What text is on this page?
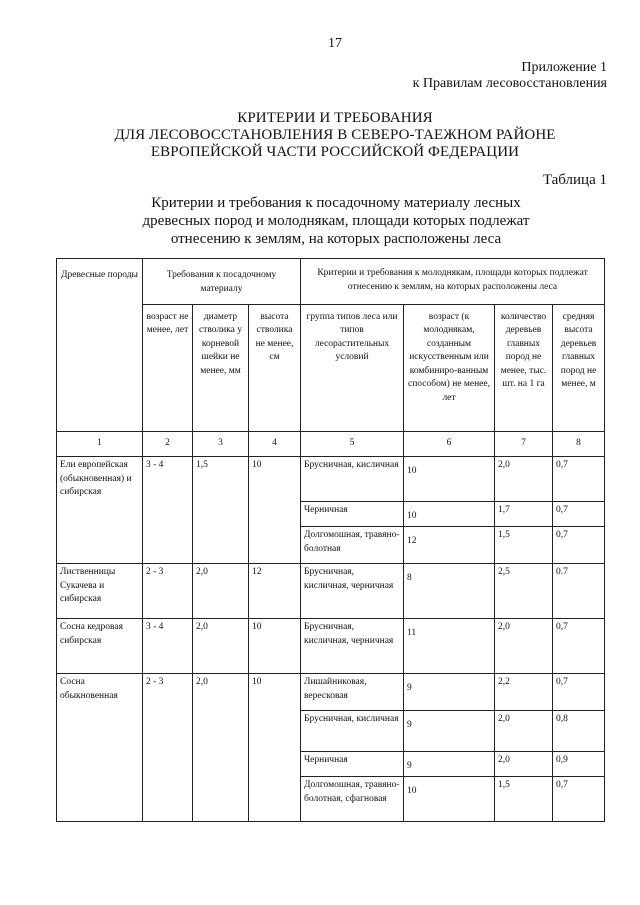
17
Приложение 1
к Правилам лесовосстановления
КРИТЕРИИ И ТРЕБОВАНИЯ
ДЛЯ ЛЕСОВОССТАНОВЛЕНИЯ В СЕВЕРО-ТАЕЖНОМ РАЙОНЕ
ЕВРОПЕЙСКОЙ ЧАСТИ РОССИЙСКОЙ ФЕДЕРАЦИИ
Таблица 1
Критерии и требования к посадочному материалу лесных
древесных пород и молоднякам, площади которых подлежат
отнесению к землям, на которых расположены леса
Древесные породы	Требования к посадочному материалу			Критерии и требования к молоднякам, площади которых подлежат отнесению к землям, на которых расположены леса			
	возраст не менее, лет	диаметр стволика у корневой шейки не менее, мм	высота стволика не менее, см	группа типов леса или типов лесорастительных условий	возраст (к молоднякам, созданным искусственным или комбиниро-ванным способом) не менее, лет	количество деревьев главных пород не менее, тыс. шт. на 1 га	средняя высота деревьев главных пород не менее, м
1	2	3	4	5	6	7	8
Ели европейская (обыкновенная) и сибирская	3 - 4	1,5	10	Брусничная, кисличная	10	2,0	0,7
				Черничная	10	1,7	0,7
				Долгомошная, травяно-болотная	12	1,5	0,7
Лиственницы Сукачева и сибирская	2 - 3	2,0	12	Брусничная, кисличная, черничная	8	2,5	0.7
Сосна кедровая сибирская	3 - 4	2,0	10	Брусничная, кисличная, черничная	11	2,0	0,7
Сосна обыкновенная	2 - 3	2,0	10	Лишайниковая, вересковая	9	2,2	0,7
				Брусничная, кисличная	9	2,0	0,8
				Черничная	9	2,0	0,9
				Долгомошная, травяно-болотная, сфагновая	10	1,5	0,7
